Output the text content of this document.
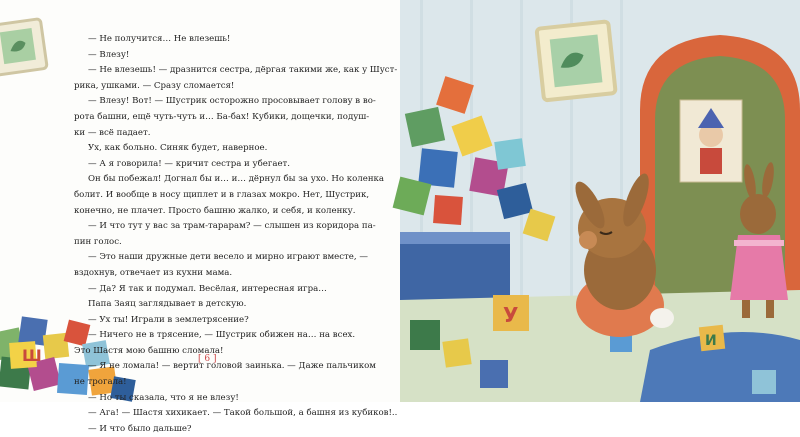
Ш
— Не получится… Не влезешь!
— Влезу!
— Не влезешь! — дразнится сестра, дёргая такими же, как у Шуст-
рика, ушками. — Сразу сломается!
— Влезу! Вот! — Шустрик осторожно просовывает голову в во-
рота башни, ещё чуть-чуть и… Ба-бах! Кубики, дощечки, подуш-
ки — всё падает.
Ух, как больно. Синяк будет, наверное.
— А я говорила! — кричит сестра и убегает.
Он бы побежал! Догнал бы и… и… дёрнул бы за ухо. Но коленка
болит. И вообще в носу щиплет и в глазах мокро. Нет, Шустрик,
конечно, не плачет. Просто башню жалко, и себя, и коленку.
— И что тут у вас за трам-тарарам? — слышен из коридора па-
пин голос.
— Это наши дружные дети весело и мирно играют вместе, —
вздохнув, отвечает из кухни мама.
— Да? Я так и подумал. Весёлая, интересная игра…
Папа Заяц заглядывает в детскую.
— Ух ты! Играли в землетрясение?
— Ничего не в трясение, — Шустрик обижен на… на всех.
Это Шастя мою башню сломала!
— Я не ломала! — вертит головой заинька. — Даже пальчиком
не трогала!
— Но ты сказала, что я не влезу!
— Ага! — Шастя хихикает. — Такой большой, а башня из кубиков!..
— И что было дальше?
[ 6 ]
У
И
